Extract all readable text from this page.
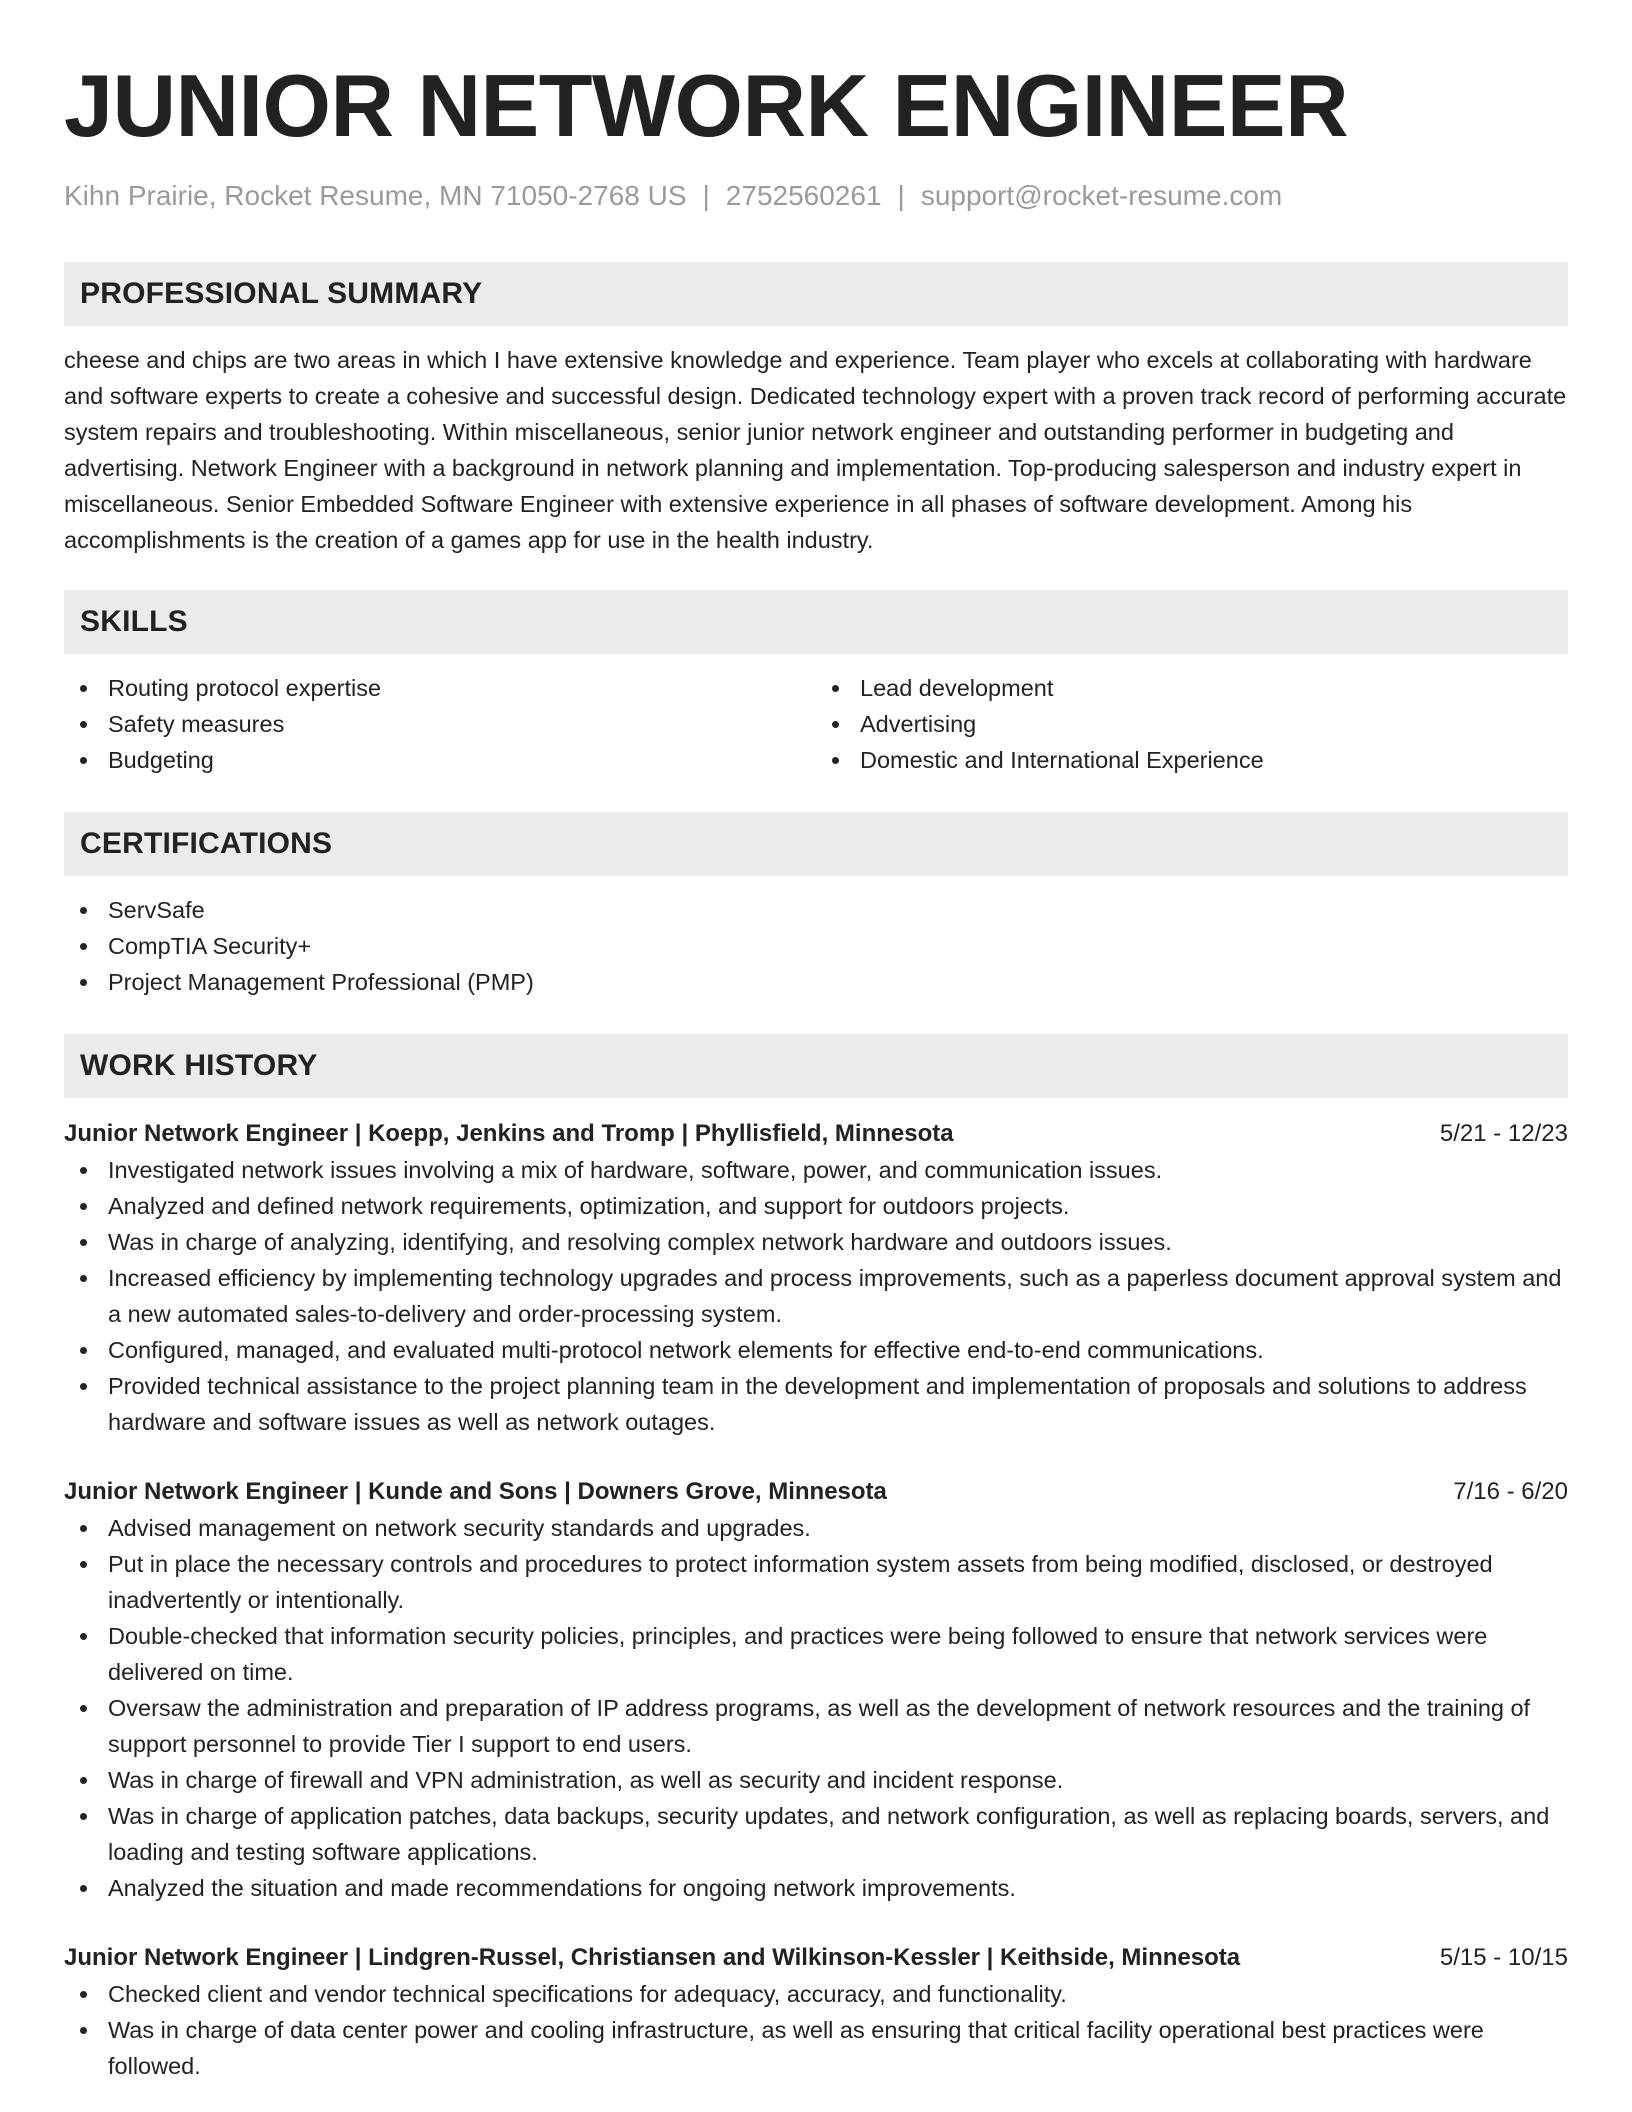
JUNIOR NETWORK ENGINEER
Kihn Prairie, Rocket Resume, MN 71050-2768 US | 2752560261 | support@rocket-resume.com
PROFESSIONAL SUMMARY

cheese and chips are two areas in which I have extensive knowledge and experience. Team player who excels at collaborating with hardware and software experts to create a cohesive and successful design. Dedicated technology expert with a proven track record of performing accurate system repairs and troubleshooting. Within miscellaneous, senior junior network engineer and outstanding performer in budgeting and advertising. Network Engineer with a background in network planning and implementation. Top-producing salesperson and industry expert in miscellaneous. Senior Embedded Software Engineer with extensive experience in all phases of software development. Among his accomplishments is the creation of a games app for use in the health industry.

SKILLS
Routing protocol expertise
Safety measures
Budgeting
Lead development
Advertising
Domestic and International Experience
CERTIFICATIONS
ServSafe
CompTIA Security+
Project Management Professional (PMP)
WORK HISTORY
Junior Network Engineer | Koepp, Jenkins and Tromp | Phyllisfield, Minnesota	5/21 - 12/23
Investigated network issues involving a mix of hardware, software, power, and communication issues.
Analyzed and defined network requirements, optimization, and support for outdoors projects.
Was in charge of analyzing, identifying, and resolving complex network hardware and outdoors issues.
Increased efficiency by implementing technology upgrades and process improvements, such as a paperless document approval system and a new automated sales-to-delivery and order-processing system.
Configured, managed, and evaluated multi-protocol network elements for effective end-to-end communications.
Provided technical assistance to the project planning team in the development and implementation of proposals and solutions to address hardware and software issues as well as network outages.
Junior Network Engineer | Kunde and Sons | Downers Grove, Minnesota	7/16 - 6/20
Advised management on network security standards and upgrades.
Put in place the necessary controls and procedures to protect information system assets from being modified, disclosed, or destroyed inadvertently or intentionally.
Double-checked that information security policies, principles, and practices were being followed to ensure that network services were delivered on time.
Oversaw the administration and preparation of IP address programs, as well as the development of network resources and the training of support personnel to provide Tier I support to end users.
Was in charge of firewall and VPN administration, as well as security and incident response.
Was in charge of application patches, data backups, security updates, and network configuration, as well as replacing boards, servers, and loading and testing software applications.
Analyzed the situation and made recommendations for ongoing network improvements.
Junior Network Engineer | Lindgren-Russel, Christiansen and Wilkinson-Kessler | Keithside, Minnesota	5/15 - 10/15
Checked client and vendor technical specifications for adequacy, accuracy, and functionality.
Was in charge of data center power and cooling infrastructure, as well as ensuring that critical facility operational best practices were followed.
